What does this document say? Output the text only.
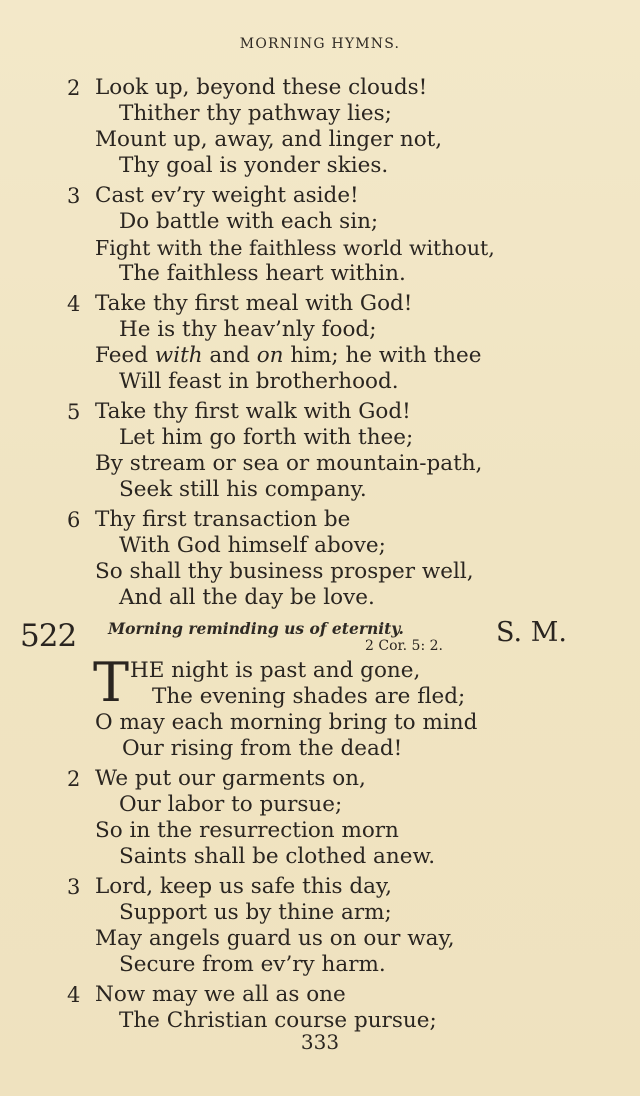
MORNING HYMNS.
2 Look up, beyond these clouds!
Thither thy pathway lies;
Mount up, away, and linger not,
Thy goal is yonder skies.
3 Cast ev’ry weight aside!
Do battle with each sin;
Fight with the faithless world without,
The faithless heart within.
4 Take thy first meal with God!
He is thy heav’nly food;
Feed with and on him; he with thee
Will feast in brotherhood.
5 Take thy first walk with God!
Let him go forth with thee;
By stream or sea or mountain-path,
Seek still his company.
6 Thy first transaction be
With God himself above;
So shall thy business prosper well,
And all the day be love.
522 Morning reminding us of eternity.
2 Cor. 5: 2. S. M.
T HE night is past and gone,
The evening shades are fled;
O may each morning bring to mind
Our rising from the dead!
2 We put our garments on,
Our labor to pursue;
So in the resurrection morn
Saints shall be clothed anew.
3 Lord, keep us safe this day,
Support us by thine arm;
May angels guard us on our way,
Secure from ev’ry harm.
4 Now may we all as one
The Christian course pursue;
333
